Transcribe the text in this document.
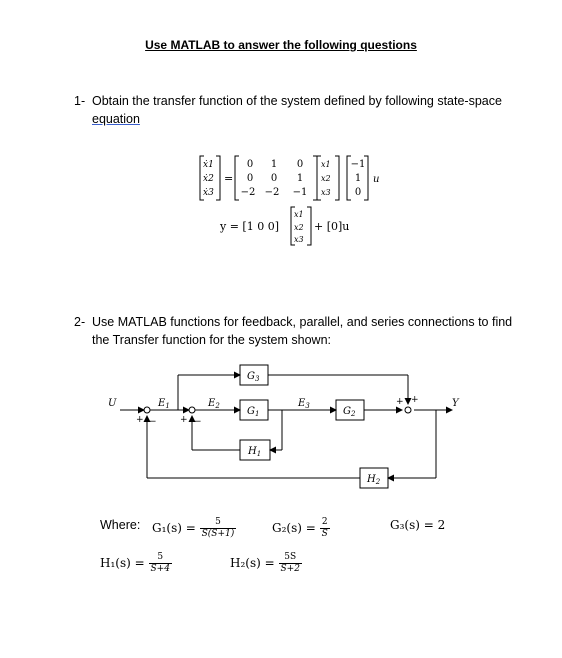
Use MATLAB to answer the following questions
1- Obtain the transfer function of the system defined by following state-space
equation
ẋ1
ẋ2
ẋ3
=
0 1 0
0 0 1
−2 −2 −1
x1
x2
x3
−1
1
0
u
y = [1 0 0]
x1
x2
x3
+ [0]u
2- Use MATLAB functions for feedback, parallel, and series connections to find
the Transfer function for the system shown:
U	Y
$E_1$	$E_2$	$E_3$
$G_3$
$G_1$	$G_2$
$H_1$
$H_2$
+ −	+ −
+ +
Where: $G_1(s) = \frac{5}{S(S+1)}$	$G_2(s) = \frac{2}{S}$	G₃(s) = 2
$H_1(s) = \frac{5}{S+4}$	$H_2(s) = \frac{5S}{S+2}$
